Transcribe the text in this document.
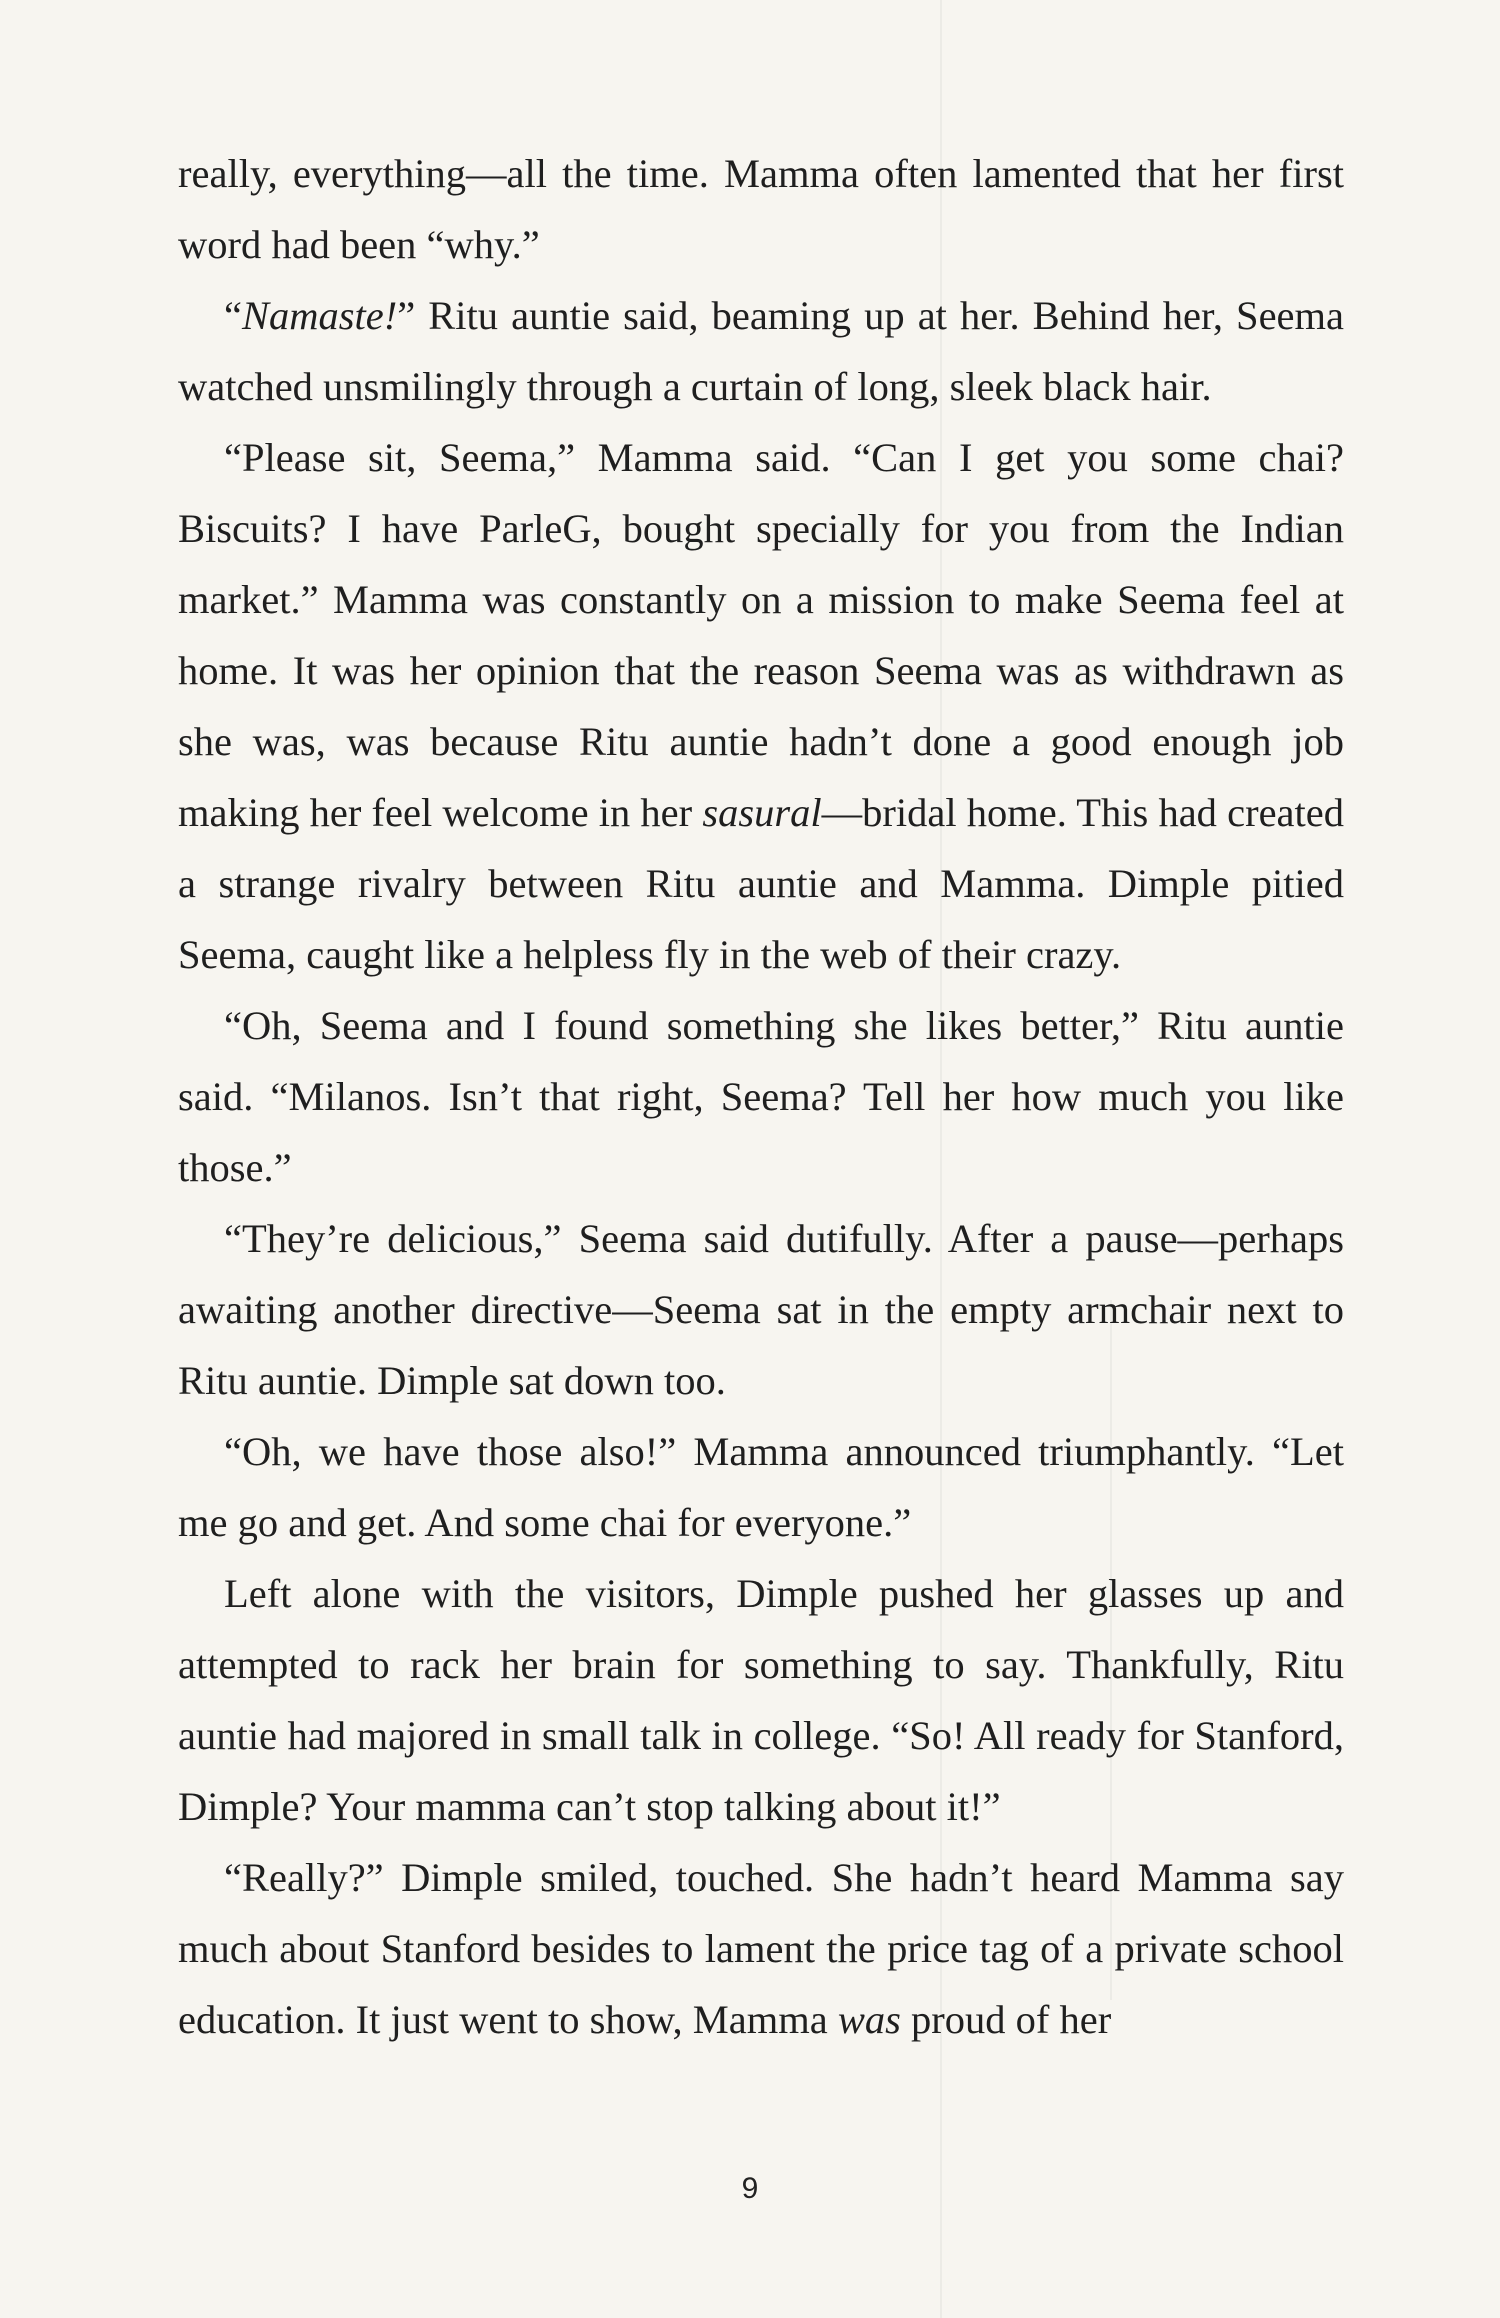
really, everything—all the time. Mamma often lamented that her first word had been “why.”

“Namaste!” Ritu auntie said, beaming up at her. Behind her, Seema watched unsmilingly through a curtain of long, sleek black hair.

“Please sit, Seema,” Mamma said. “Can I get you some chai? Biscuits? I have ParleG, bought specially for you from the Indian market.” Mamma was constantly on a mission to make Seema feel at home. It was her opinion that the reason Seema was as withdrawn as she was, was because Ritu auntie hadn’t done a good enough job making her feel welcome in her sasural—bridal home. This had created a strange rivalry between Ritu auntie and Mamma. Dimple pitied Seema, caught like a helpless fly in the web of their crazy.

“Oh, Seema and I found something she likes better,” Ritu auntie said. “Milanos. Isn’t that right, Seema? Tell her how much you like those.”

“They’re delicious,” Seema said dutifully. After a pause—perhaps awaiting another directive—Seema sat in the empty armchair next to Ritu auntie. Dimple sat down too.

“Oh, we have those also!” Mamma announced triumphantly. “Let me go and get. And some chai for everyone.”

Left alone with the visitors, Dimple pushed her glasses up and attempted to rack her brain for something to say. Thankfully, Ritu auntie had majored in small talk in college. “So! All ready for Stanford, Dimple? Your mamma can’t stop talking about it!”

“Really?” Dimple smiled, touched. She hadn’t heard Mamma say much about Stanford besides to lament the price tag of a private school education. It just went to show, Mamma was proud of her

9
